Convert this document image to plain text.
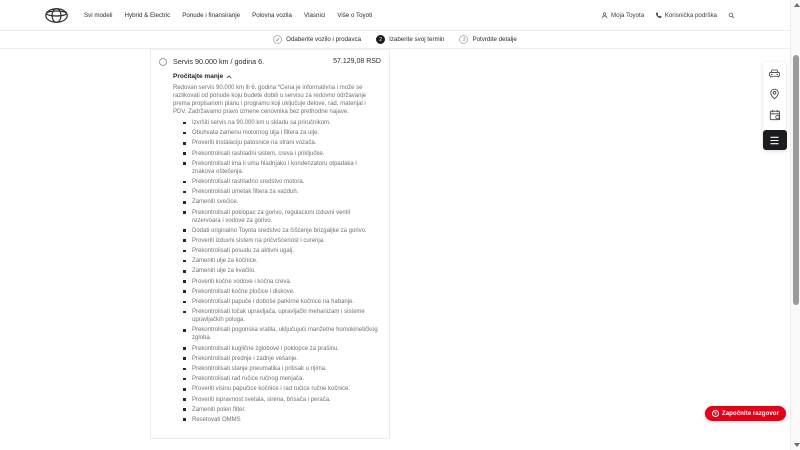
Svi modeli Hybrid & Electric Ponude i finansiranje Polovna vozila Vlasnici Više o Toyoti	Moja Toyota	Korisnička podrška
Odaberite vozilo i prodavca	2	Izaberite svoj termin	3	Potvrdite detalje
Servis 90.000 km / godina 6.	57.129,08 RSD
Pročitajte manje

Redovan servis 90.000 km ili 6. godina *Cena je informativna i može se razlikovati od ponude koju budete dobili u servisu za redovno održavanje prema propisanom planu i programu koji uključuje delove, rad, materijal i PDV. Zadržavamo pravo izmene cenovnika bez prethodne najave.

Izvršiti servis na 90.000 km u skladu sa priručnikom.
Obuhvata zamenu motornog ulja i filtera za ulje.
Proveriti instalaciju patosnice na strani vozača.
Prekontrolisati rashladni sistem, creva i priključke.
Prekontrolisati ima li u/na hladnjaku i kondenzatoru otpadaka i znakova oštećenja.
Prekontrolisati rashladno sredstvo motora.
Prekontrolisati umetak filtera za vazduh.
Zameniti svećice.
Prekontrolisati poklopac za gorivo, regulacioni izduvni ventil rezervoara i vodove za gorivo.
Dodati originalno Toyota sredstvo za čišćenje brizgaljke za gorivo.
Proveriti izduvni sistem na pričvršćenost i curenja.
Prekontrolisati posudu za aktivni ugalj.
Zameniti ulje za kočnice.
Zameniti ulje za kvačilo.
Proveriti kočne vodove i kočna creva.
Prekontrolisati kočne pločice i diskove.
Prekontrolisati papuče i doboše parkirne kočnice na habanje.
Prekontrolisati točak upravljača, upravljački mehanizam i sisteme upravljačkih poluga.
Prekontrolisati pogonska vratila, uključujući manžetne homokinetičkog zgloba.
Prekontrolisati kuglične zglobove i poklopce za prašinu.
Prekontrolisati prednje i zadnje vešanje.
Prekontrolisati stanje pneumatika i pritisak u njima.
Prekontrolisati rad ručice ručnog menjača.
Proveriti visinu papučice kočnice i rad ručice ručne kočnice.
Proveriti ispravnost svetala, sirena, brisača i perača.
Zameniti polen filter.
Resetovati OMMS
? Započnite razgovor
